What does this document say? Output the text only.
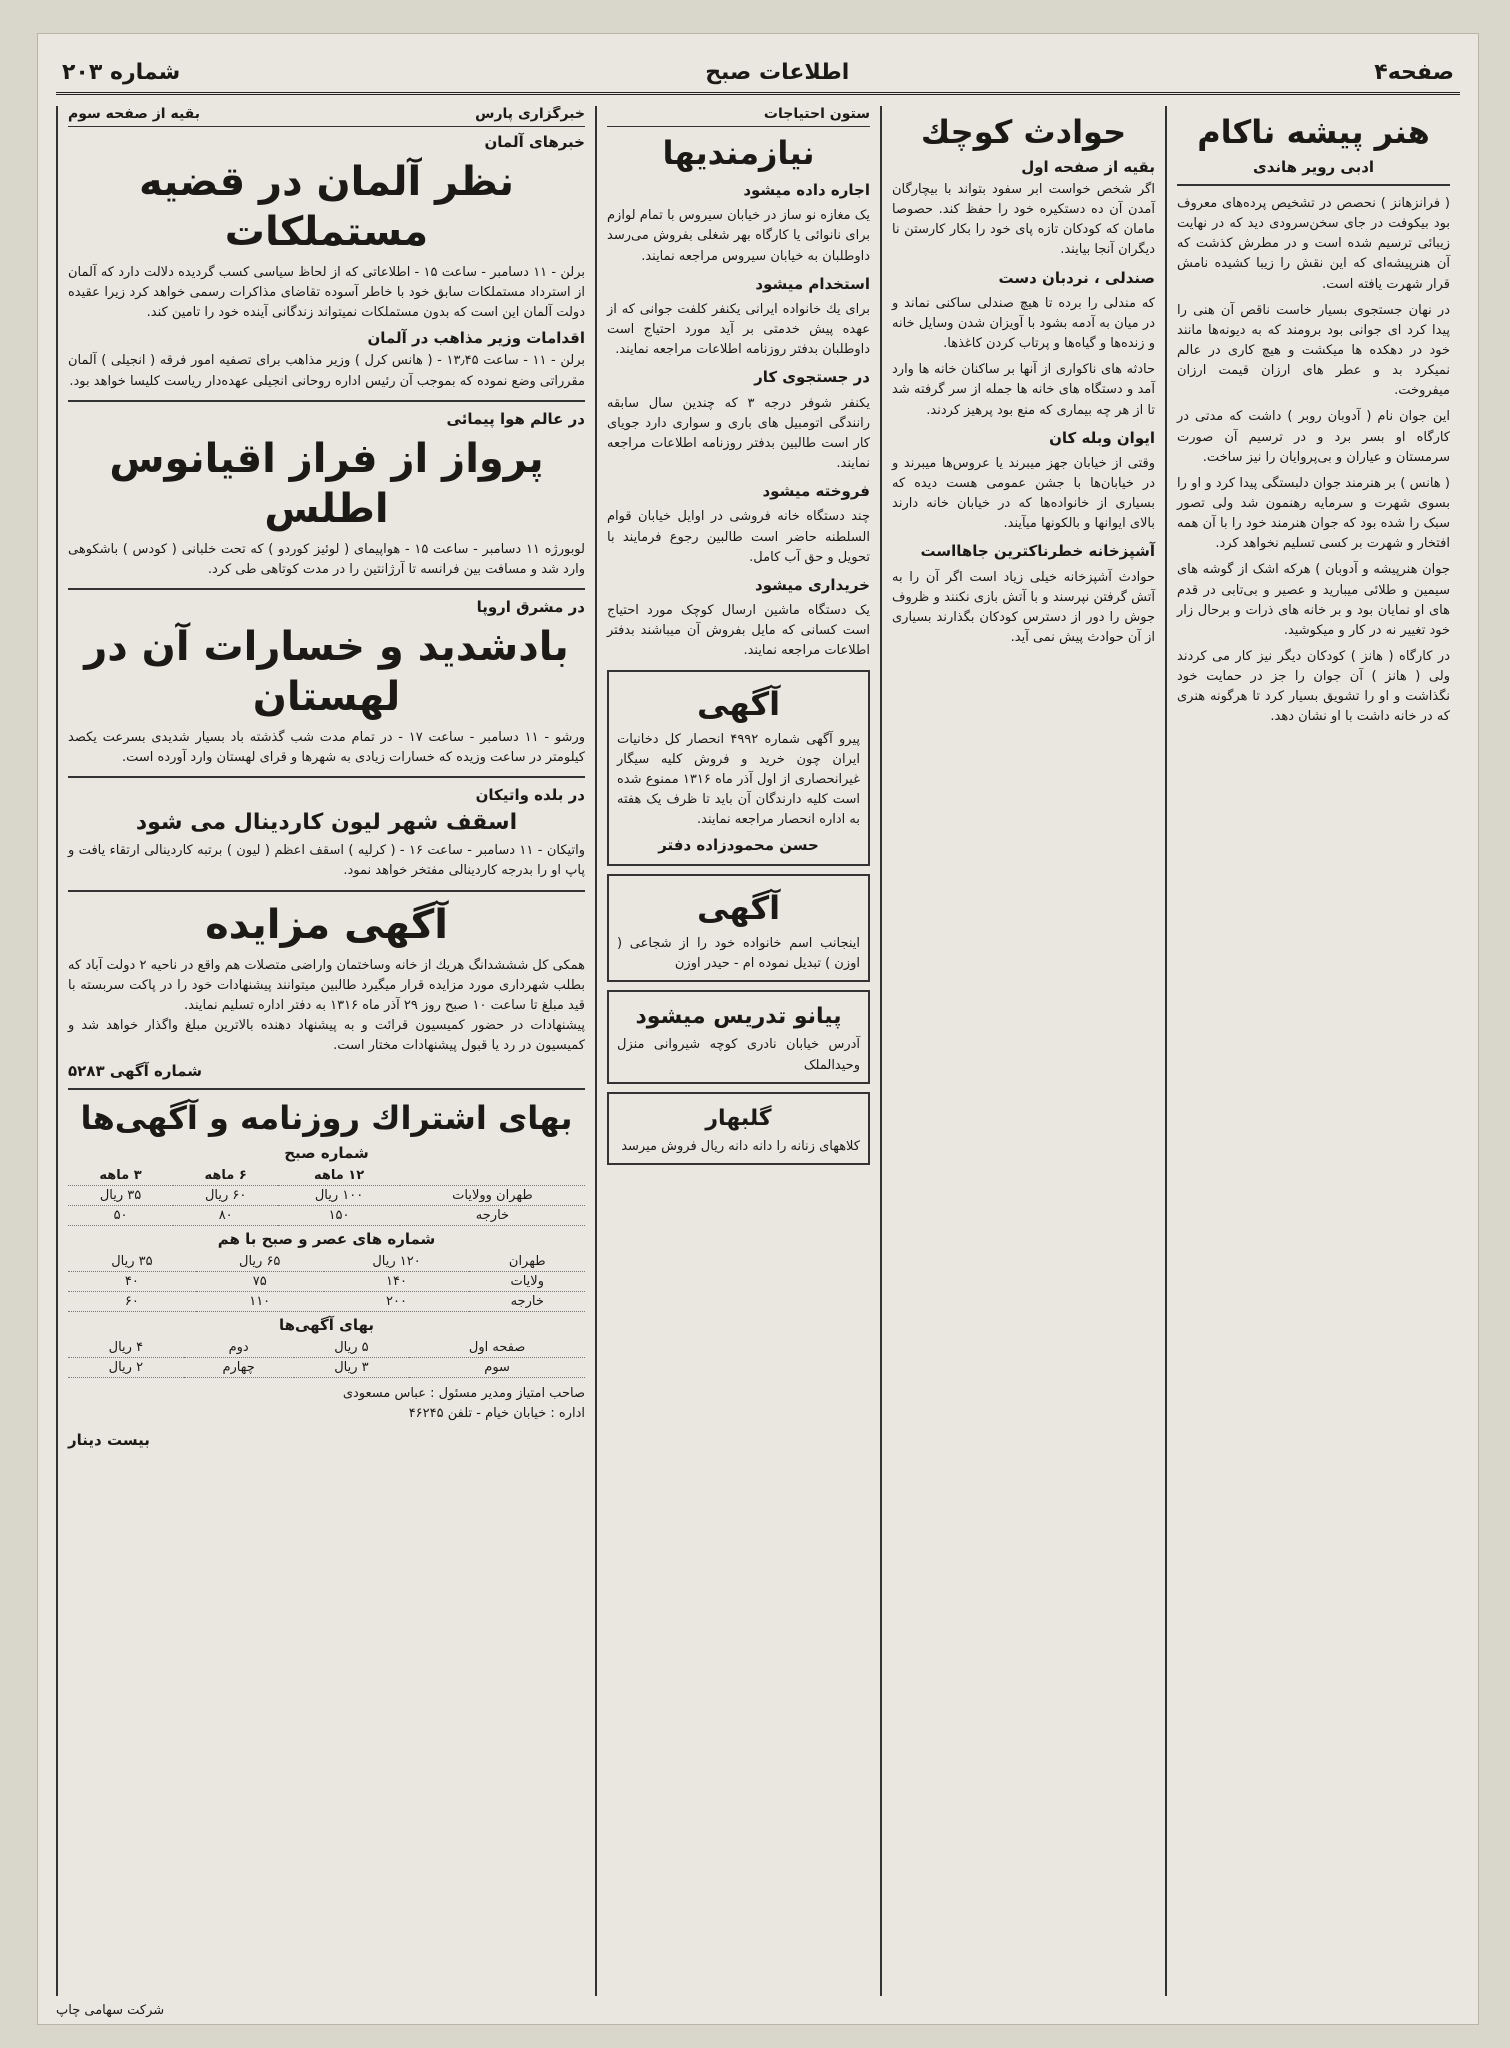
صفحه۴
اطلاعات صبح
شماره ۲۰۳
هنر پیشه ناکام
ادبی رویر هاندی

( فرانزهانز ) نحصص در تشخیص پرده‌های معروف بود بیکوفت در جای سخن‌سرودی دید که در نهایت زیبائی ترسیم شده است و در مطرش کذشت که آن هنرپیشه‌ای که این نقش را زیبا کشیده نامش قرار شهرت یافته است.

در نهان جستجوی بسیار خاست ناقص آن هنی را پیدا کرد ای جوانی بود برومند که به دیونه‌ها مانند خود در دهکده ها میکشت و هیچ کاری در عالم نمیکرد بد و عطر های ارزان قیمت ارزان میفروخت.

این جوان نام ( آدوبان روبر ) داشت که مدتی در کارگاه او بسر برد و در ترسیم آن صورت سرمستان و عیاران و بی‌پروایان را نیز ساخت.

( هانس ) بر هنرمند جوان دلبستگی پیدا کرد و او را بسوی شهرت و سرمایه رهنمون شد ولی تصور سبک را شده بود که جوان هنرمند خود را با آن همه افتخار و شهرت بر کسی تسلیم نخواهد کرد.

جوان هنرپیشه و آدوبان ) هرکه اشک از گوشه های سیمین و طلائی میبارید و عصیر و بی‌تابی در قدم های او نمایان بود و بر خانه های ذرات و برحال زار خود تغییر نه در کار و میکوشید.

در کارگاه ( هانز ) کودکان دیگر نیز کار می کردند ولی ( هانز ) آن جوان را جز در حمایت خود نگذاشت و او را تشویق بسیار کرد تا هرگونه هنری که در خانه داشت با او نشان دهد.

حوادث کوچك
بقیه از صفحه اول

اگر شخص خواست ابر سفود بتواند با بیچارگان آمدن آن ده دستکیره خود را حفظ کند. حصوصا مامان که کودکان تازه پای خود را بکار کارستن نا دیگران آنجا بیایند.

صندلی ، نردبان دست

که مندلی را برده تا هیچ صندلی ساکنی نماند و در میان به آدمه بشود با آویزان شدن وسایل خانه و زنده‌ها و گیاه‌ها و پرتاب کردن کاغذها.

حادثه های ناکواری از آنها بر ساکنان خانه ها وارد آمد و دستگاه های خانه ها جمله از سر گرفته شد تا از هر چه بیماری که منع بود پرهیز کردند.

ایوان وبله کان

وقتی از خیابان جهز میبرند یا عروس‌ها میبرند و در خیابان‌ها با جشن عمومی هست دیده که بسیاری از خانواده‌ها که در خیابان خانه دارند بالای ایوانها و بالکونها میآیند.

آشپزخانه خطرناکترین جاهااست

حوادث آشپزخانه خیلی زیاد است اگر آن را به آتش گرفتن نپرسند و با آتش بازی نکنند و ظروف جوش را دور از دسترس کودکان بگذارند بسیاری از آن حوادث پیش نمی آید.

ستون احتیاجات
نیازمندیها
اجاره داده میشود

یک مغازه نو ساز در خیابان سیروس با تمام لوازم برای نانوائی یا کارگاه بهر شغلی بفروش می‌رسد داوطلبان به خیابان سیروس مراجعه نمایند.

استخدام میشود

برای یك خانواده ایرانی یکنفر کلفت جوانی که از عهده پیش خدمتی بر آید مورد احتیاج است داوطلبان بدفتر روزنامه اطلاعات مراجعه نمایند.

در جستجوی کار

یکنفر شوفر درجه ۳ که چندین سال سابقه رانندگی اتومبیل های باری و سواری دارد جویای کار است طالبین بدفتر روزنامه اطلاعات مراجعه نمایند.

فروخته میشود

چند دستگاه خانه فروشی در اوایل خیابان قوام السلطنه حاضر است طالبین رجوع فرمایند با تحویل و حق آب کامل.

خریداری میشود

یک دستگاه ماشین ارسال کوچک مورد احتیاج است کسانی که مایل بفروش آن میباشند بدفتر اطلاعات مراجعه نمایند.

آگهی
پیرو آگهی شماره ۴۹۹۲ انحصار کل دخانیات ایران چون خرید و فروش کلیه سیگار غیرانحصاری از اول آذر ماه ۱۳۱۶ ممنوع شده است کلیه دارندگان آن باید تا ظرف یک هفته به اداره انحصار مراجعه نمایند.
حسن محمودزاده دفتر
آگهی
اینجانب اسم خانواده خود را از شجاعی ( اوزن ) تبدیل نموده ام - حیدر اوزن
پیانو تدریس میشود
آدرس خیابان نادری کوچه شیروانی منزل وحیدالملک
گلبهار
کلاههای زنانه را دانه دانه ریال فروش میرسد
خبرگزاری پارس
بقیه از صفحه سوم
خبرهای آلمان
نظر آلمان در قضیه مستملکات
برلن - ۱۱ دسامبر - ساعت ۱۵ - اطلاعاتی که از لحاظ سیاسی کسب گردیده دلالت دارد که آلمان از استرداد مستملکات سابق خود با خاطر آسوده تقاضای مذاکرات رسمی خواهد کرد زیرا عقیده دولت آلمان این است که بدون مستملکات نمیتواند زندگانی آینده خود را تامین کند.
اقدامات وزیر مذاهب در آلمان
برلن - ۱۱ - ساعت ۱۳٫۴۵ - ( هانس کرل ) وزیر مذاهب برای تصفیه امور فرقه ( انجیلی ) آلمان مقرراتی وضع نموده که بموجب آن رئیس اداره روحانی انجیلی عهده‌دار ریاست کلیسا خواهد بود.
در عالم هوا پیمائی
پرواز از فراز اقیانوس اطلس
لوبورژه ۱۱ دسامبر - ساعت ۱۵ - هواپیمای ( لوئیز کوردو ) که تحت خلبانی ( کودس ) باشکوهی وارد شد و مسافت بین فرانسه تا آرژانتین را در مدت کوتاهی طی کرد.
در مشرق اروپا
بادشدید و خسارات آن در لهستان
ورشو - ۱۱ دسامبر - ساعت ۱۷ - در تمام مدت شب گذشته باد بسیار شدیدی بسرعت یکصد کیلومتر در ساعت وزیده که خسارات زیادی به شهرها و قرای لهستان وارد آورده است.
در بلده واتیکان
اسقف شهر لیون کاردینال می شود
واتیکان - ۱۱ دسامبر - ساعت ۱۶ - ( کرلیه ) اسقف اعظم ( لیون ) برتبه کاردینالی ارتقاء یافت و پاپ او را بدرجه کاردینالی مفتخر خواهد نمود.
آگهی مزایده
همکی کل شششدانگ هریك از خانه وساختمان واراضی متصلات هم واقع در ناحیه ۲ دولت آباد که بطلب شهرداری مورد مزایده قرار میگیرد طالبین میتوانند پیشنهادات خود را در پاکت سربسته با قید مبلغ تا ساعت ۱۰ صبح روز ۲۹ آذر ماه ۱۳۱۶ به دفتر اداره تسلیم نمایند.
پیشنهادات در حضور کمیسیون قرائت و به پیشنهاد دهنده بالاترین مبلغ واگذار خواهد شد و کمیسیون در رد یا قبول پیشنهادات مختار است.
شماره آگهی ۵۲۸۳
بهای اشتراك روزنامه و آگهی‌ها
شماره صبح
	۱۲ ماهه	۶ ماهه	۳ ماهه
طهران وولایات	۱۰۰ ریال	۶۰ ریال	۳۵ ریال
خارجه	۱۵۰	۸۰	۵۰
شماره های عصر و صبح با هم
طهران	۱۲۰ ریال	۶۵ ریال	۳۵ ریال
ولایات	۱۴۰	۷۵	۴۰
خارجه	۲۰۰	۱۱۰	۶۰
بهای آگهی‌ها
صفحه اول	۵ ریال	دوم	۴ ریال
سوم	۳ ریال	چهارم	۲ ریال
صاحب امتیاز ومدیر مسئول : عباس مسعودی
اداره : خیابان خیام - تلفن ۴۶۲۴۵
بیست دینار
شرکت سهامی چاپ
